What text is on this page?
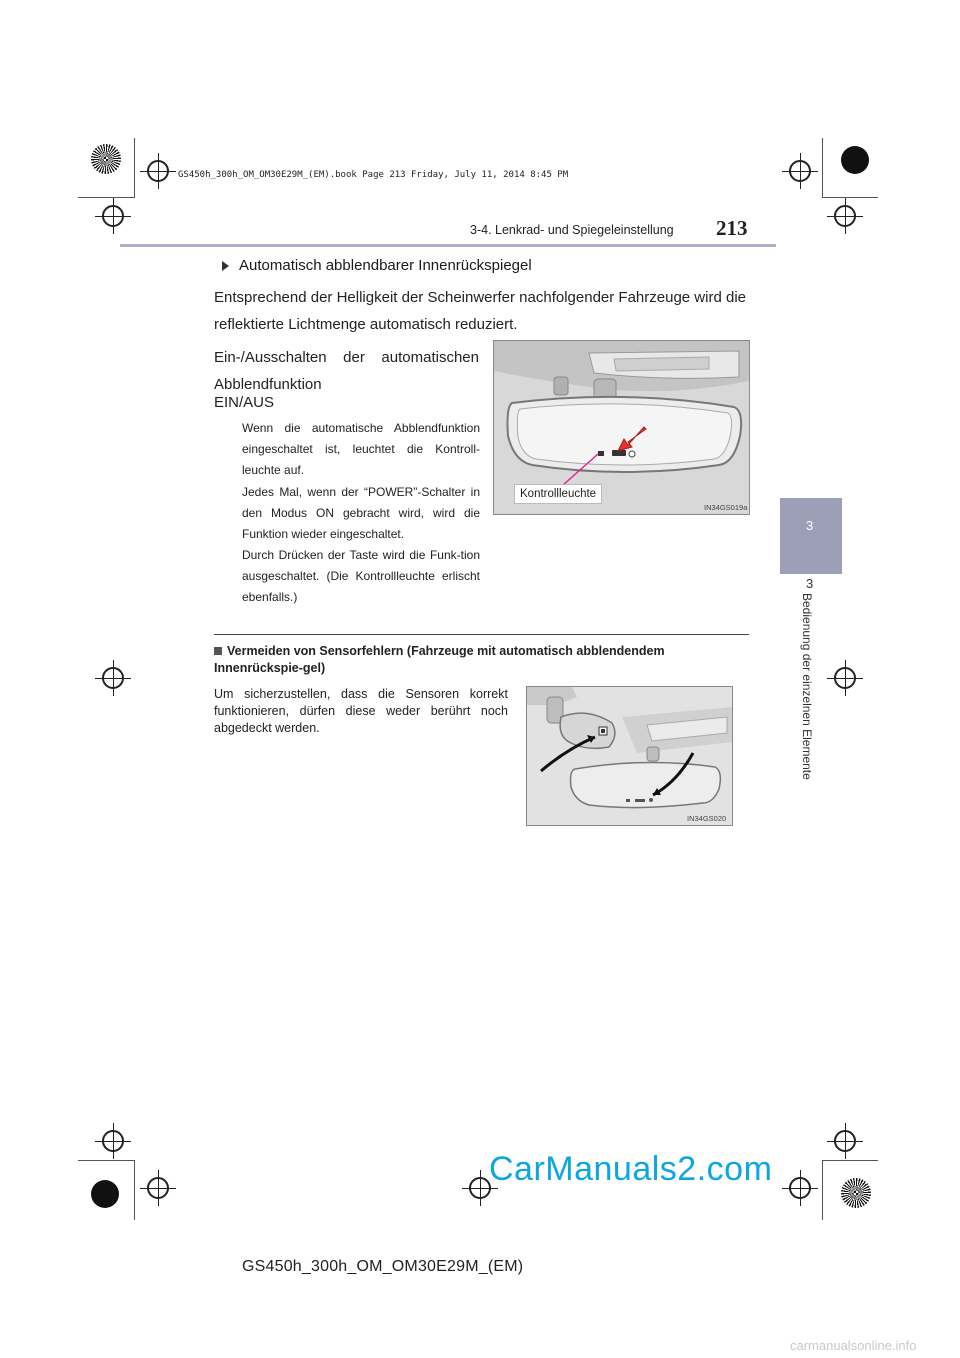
GS450h_300h_OM_OM30E29M_(EM).book Page 213 Friday, July 11, 2014 8:45 PM
3-4. Lenkrad- und Spiegeleinstellung 213
3
Bedienung der einzelnen Elemente
3
Automatisch abblendbarer Innenrückspiegel
Entsprechend der Helligkeit der Scheinwerfer nachfolgender Fahrzeuge wird die reflektierte Lichtmenge automatisch reduziert.
Ein-/Ausschalten der automatischen Abblendfunktion
EIN/AUS
Wenn die automatische Abblendfunktion eingeschaltet ist, leuchtet die Kontroll-leuchte auf.
Jedes Mal, wenn der “POWER”-Schalter in den Modus ON gebracht wird, wird die Funktion wieder eingeschaltet.
Durch Drücken der Taste wird die Funk-tion ausgeschaltet. (Die Kontrollleuchte erlischt ebenfalls.)
Kontrollleuchte
IN34GS019a
Vermeiden von Sensorfehlern (Fahrzeuge mit automatisch abblendendem Innenrückspie-gel)
Um sicherzustellen, dass die Sensoren korrekt funktionieren, dürfen diese weder berührt noch abgedeckt werden.
IN34GS020
CarManuals2.com
GS450h_300h_OM_OM30E29M_(EM)
carmanualsonline.info
